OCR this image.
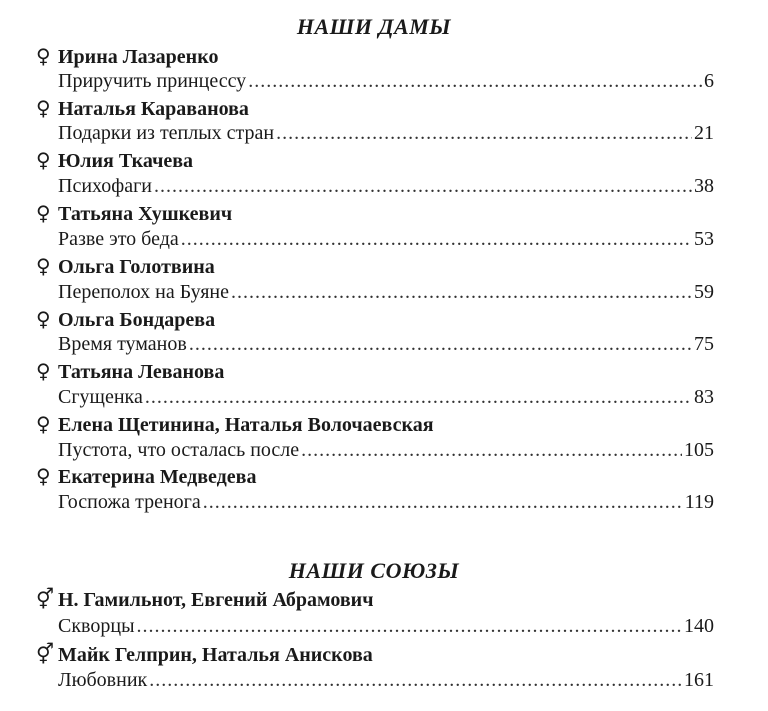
НАШИ ДАМЫ
♀ Ирина Лазаренко
Приручить принцессу .....	6
♀ Наталья Караванова
Подарки из теплых стран .....	21
♀ Юлия Ткачева
Психофаги .....	38
♀ Татьяна Хушкевич
Разве это беда .....	53
♀ Ольга Голотвина
Переполох на Буяне .....	59
♀ Ольга Бондарева
Время туманов .....	75
♀ Татьяна Леванова
Сгущенка .....	83
♀ Елена Щетинина, Наталья Волочаевская
Пустота, что осталась после .....	105
♀ Екатерина Медведева
Госпожа тренога .....	119
НАШИ СОЮЗЫ
⚥ Н. Гамильнот, Евгений Абрамович
Скворцы .....	140
⚥ Майк Гелприн, Наталья Анискова
Любовник .....	161
